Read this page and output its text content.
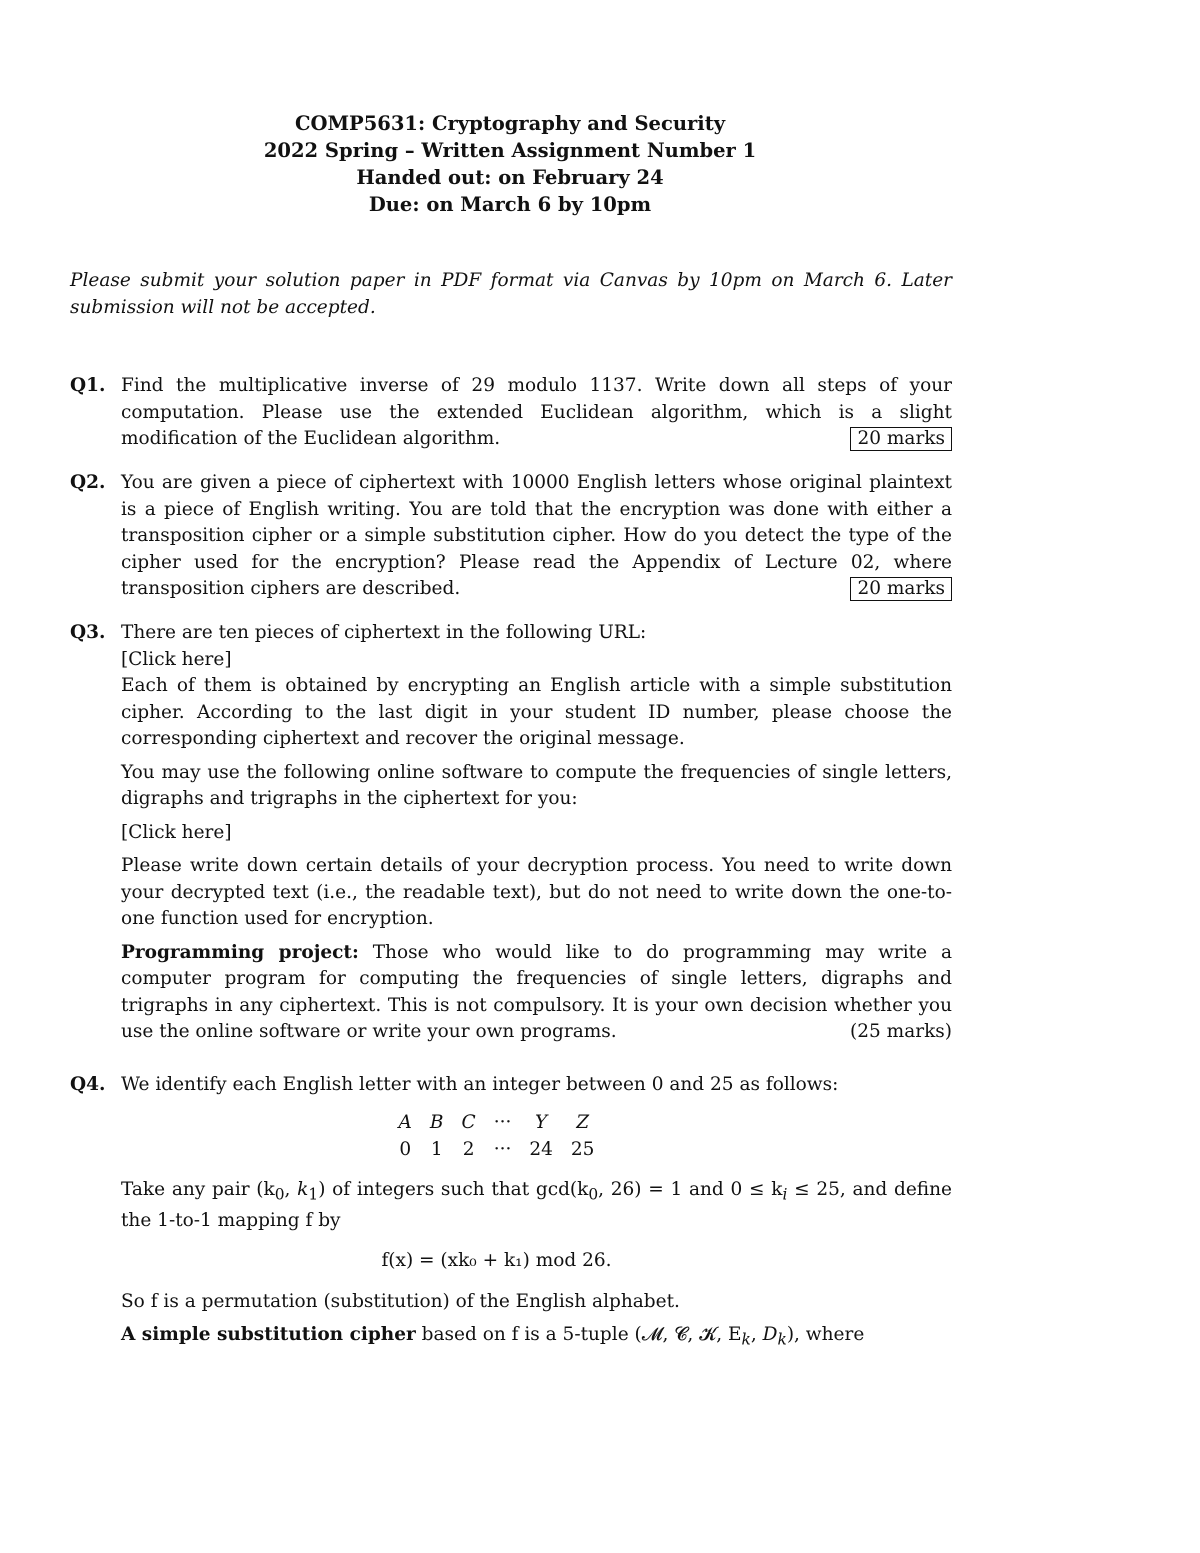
COMP5631: Cryptography and Security
2022 Spring – Written Assignment Number 1
Handed out: on February 24
Due: on March 6 by 10pm
Please submit your solution paper in PDF format via Canvas by 10pm on March 6. Later submission will not be accepted.
Q1. Find the multiplicative inverse of 29 modulo 1137. Write down all steps of your computation. Please use the extended Euclidean algorithm, which is a slight modification of the Euclidean algorithm.	20 marks
Q2. You are given a piece of ciphertext with 10000 English letters whose original plaintext is a piece of English writing. You are told that the encryption was done with either a transposition cipher or a simple substitution cipher. How do you detect the type of the cipher used for the encryption? Please read the Appendix of Lecture 02, where transposition ciphers are described.	20 marks
Q3. There are ten pieces of ciphertext in the following URL:
[Click here]

Each of them is obtained by encrypting an English article with a simple substitution cipher. According to the last digit in your student ID number, please choose the corresponding ciphertext and recover the original message.

You may use the following online software to compute the frequencies of single letters, digraphs and trigraphs in the ciphertext for you:

[Click here]

Please write down certain details of your decryption process. You need to write down your decrypted text (i.e., the readable text), but do not need to write down the one-to-one function used for encryption.

Programming project: Those who would like to do programming may write a computer program for computing the frequencies of single letters, digraphs and trigraphs in any ciphertext. This is not compulsory. It is your own decision whether you use the online software or write your own programs.	(25 marks)

Q4. We identify each English letter with an integer between 0 and 25 as follows:
A	B	C	···	Y	Z
0	1	2	···	24	25

Take any pair ($k_0$, $k_1$) of integers such that $\gcd(k_0$, 26) = 1 and $0 \le k_i \le 25$, and define the 1-to-1 mapping f by

f(x) = (xk₀ + k₁) mod 26.

So f is a permutation (substitution) of the English alphabet.

A simple substitution cipher based on f is a 5-tuple (𝓜, 𝓒, 𝓚, $E_k$, $D_k$), where
